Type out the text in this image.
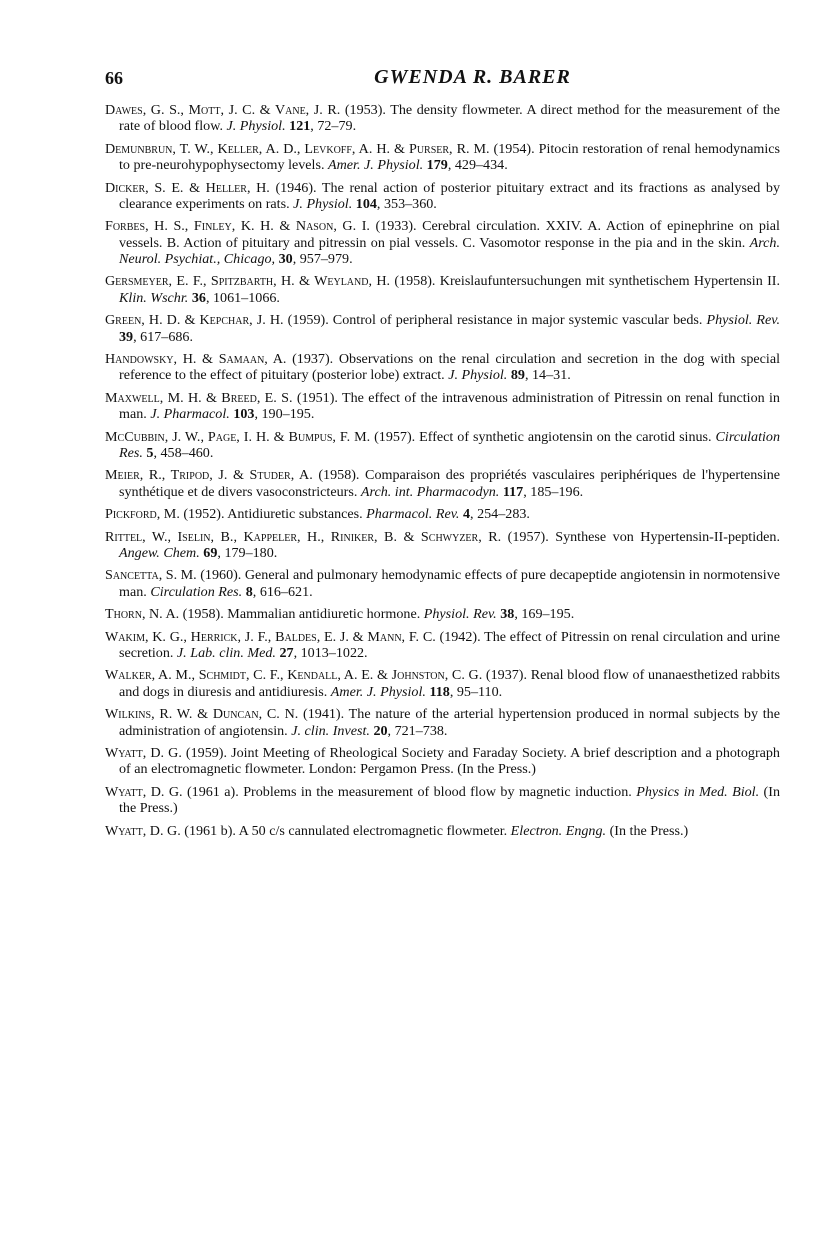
66	GWENDA R. BARER
Dawes, G. S., Mott, J. C. & Vane, J. R. (1953). The density flowmeter. A direct method for the measurement of the rate of blood flow. J. Physiol. 121, 72–79.
Demunbrun, T. W., Keller, A. D., Levkoff, A. H. & Purser, R. M. (1954). Pitocin restoration of renal hemodynamics to pre-neurohypophysectomy levels. Amer. J. Physiol. 179, 429–434.
Dicker, S. E. & Heller, H. (1946). The renal action of posterior pituitary extract and its fractions as analysed by clearance experiments on rats. J. Physiol. 104, 353–360.
Forbes, H. S., Finley, K. H. & Nason, G. I. (1933). Cerebral circulation. XXIV. A. Action of epinephrine on pial vessels. B. Action of pituitary and pitressin on pial vessels. C. Vasomotor response in the pia and in the skin. Arch. Neurol. Psychiat., Chicago, 30, 957–979.
Gersmeyer, E. F., Spitzbarth, H. & Weyland, H. (1958). Kreislaufuntersuchungen mit synthetischem Hypertensin II. Klin. Wschr. 36, 1061–1066.
Green, H. D. & Kepchar, J. H. (1959). Control of peripheral resistance in major systemic vascular beds. Physiol. Rev. 39, 617–686.
Handowsky, H. & Samaan, A. (1937). Observations on the renal circulation and secretion in the dog with special reference to the effect of pituitary (posterior lobe) extract. J. Physiol. 89, 14–31.
Maxwell, M. H. & Breed, E. S. (1951). The effect of the intravenous administration of Pitressin on renal function in man. J. Pharmacol. 103, 190–195.
McCubbin, J. W., Page, I. H. & Bumpus, F. M. (1957). Effect of synthetic angiotensin on the carotid sinus. Circulation Res. 5, 458–460.
Meier, R., Tripod, J. & Studer, A. (1958). Comparaison des propriétés vasculaires periphériques de l'hypertensine synthétique et de divers vasoconstricteurs. Arch. int. Pharmacodyn. 117, 185–196.
Pickford, M. (1952). Antidiuretic substances. Pharmacol. Rev. 4, 254–283.
Rittel, W., Iselin, B., Kappeler, H., Riniker, B. & Schwyzer, R. (1957). Synthese von Hypertensin-II-peptiden. Angew. Chem. 69, 179–180.
Sancetta, S. M. (1960). General and pulmonary hemodynamic effects of pure decapeptide angiotensin in normotensive man. Circulation Res. 8, 616–621.
Thorn, N. A. (1958). Mammalian antidiuretic hormone. Physiol. Rev. 38, 169–195.
Wakim, K. G., Herrick, J. F., Baldes, E. J. & Mann, F. C. (1942). The effect of Pitressin on renal circulation and urine secretion. J. Lab. clin. Med. 27, 1013–1022.
Walker, A. M., Schmidt, C. F., Kendall, A. E. & Johnston, C. G. (1937). Renal blood flow of unanaesthetized rabbits and dogs in diuresis and antidiuresis. Amer. J. Physiol. 118, 95–110.
Wilkins, R. W. & Duncan, C. N. (1941). The nature of the arterial hypertension produced in normal subjects by the administration of angiotensin. J. clin. Invest. 20, 721–738.
Wyatt, D. G. (1959). Joint Meeting of Rheological Society and Faraday Society. A brief description and a photograph of an electromagnetic flowmeter. London: Pergamon Press. (In the Press.)
Wyatt, D. G. (1961 a). Problems in the measurement of blood flow by magnetic induction. Physics in Med. Biol. (In the Press.)
Wyatt, D. G. (1961 b). A 50 c/s cannulated electromagnetic flowmeter. Electron. Engng. (In the Press.)
